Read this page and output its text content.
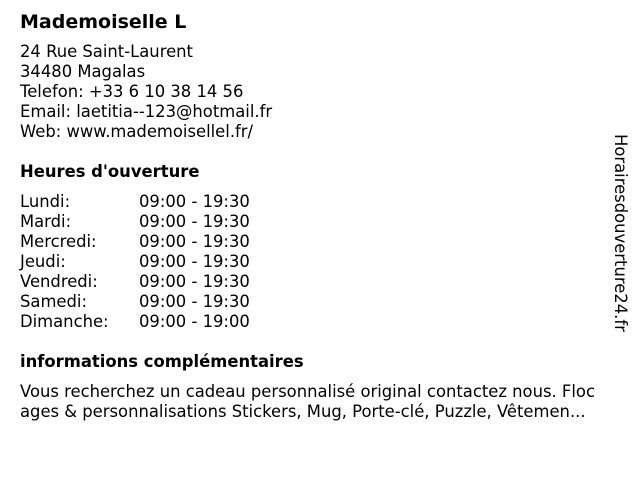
Mademoiselle L
24 Rue Saint-Laurent
34480 Magalas
Telefon: +33 6 10 38 14 56
Email: laetitia--123@hotmail.fr
Web: www.mademoisellel.fr/
Heures d'ouverture
Lundi:	09:00 - 19:30
Mardi:	09:00 - 19:30
Mercredi:	09:00 - 19:30
Jeudi:	09:00 - 19:30
Vendredi:	09:00 - 19:30
Samedi:	09:00 - 19:30
Dimanche:	09:00 - 19:00
informations complémentaires
Vous recherchez un cadeau personnalisé original contactez nous. Floc
ages & personnalisations Stickers, Mug, Porte-clé, Puzzle, Vêtemen...
Horairesdouverture24.fr
